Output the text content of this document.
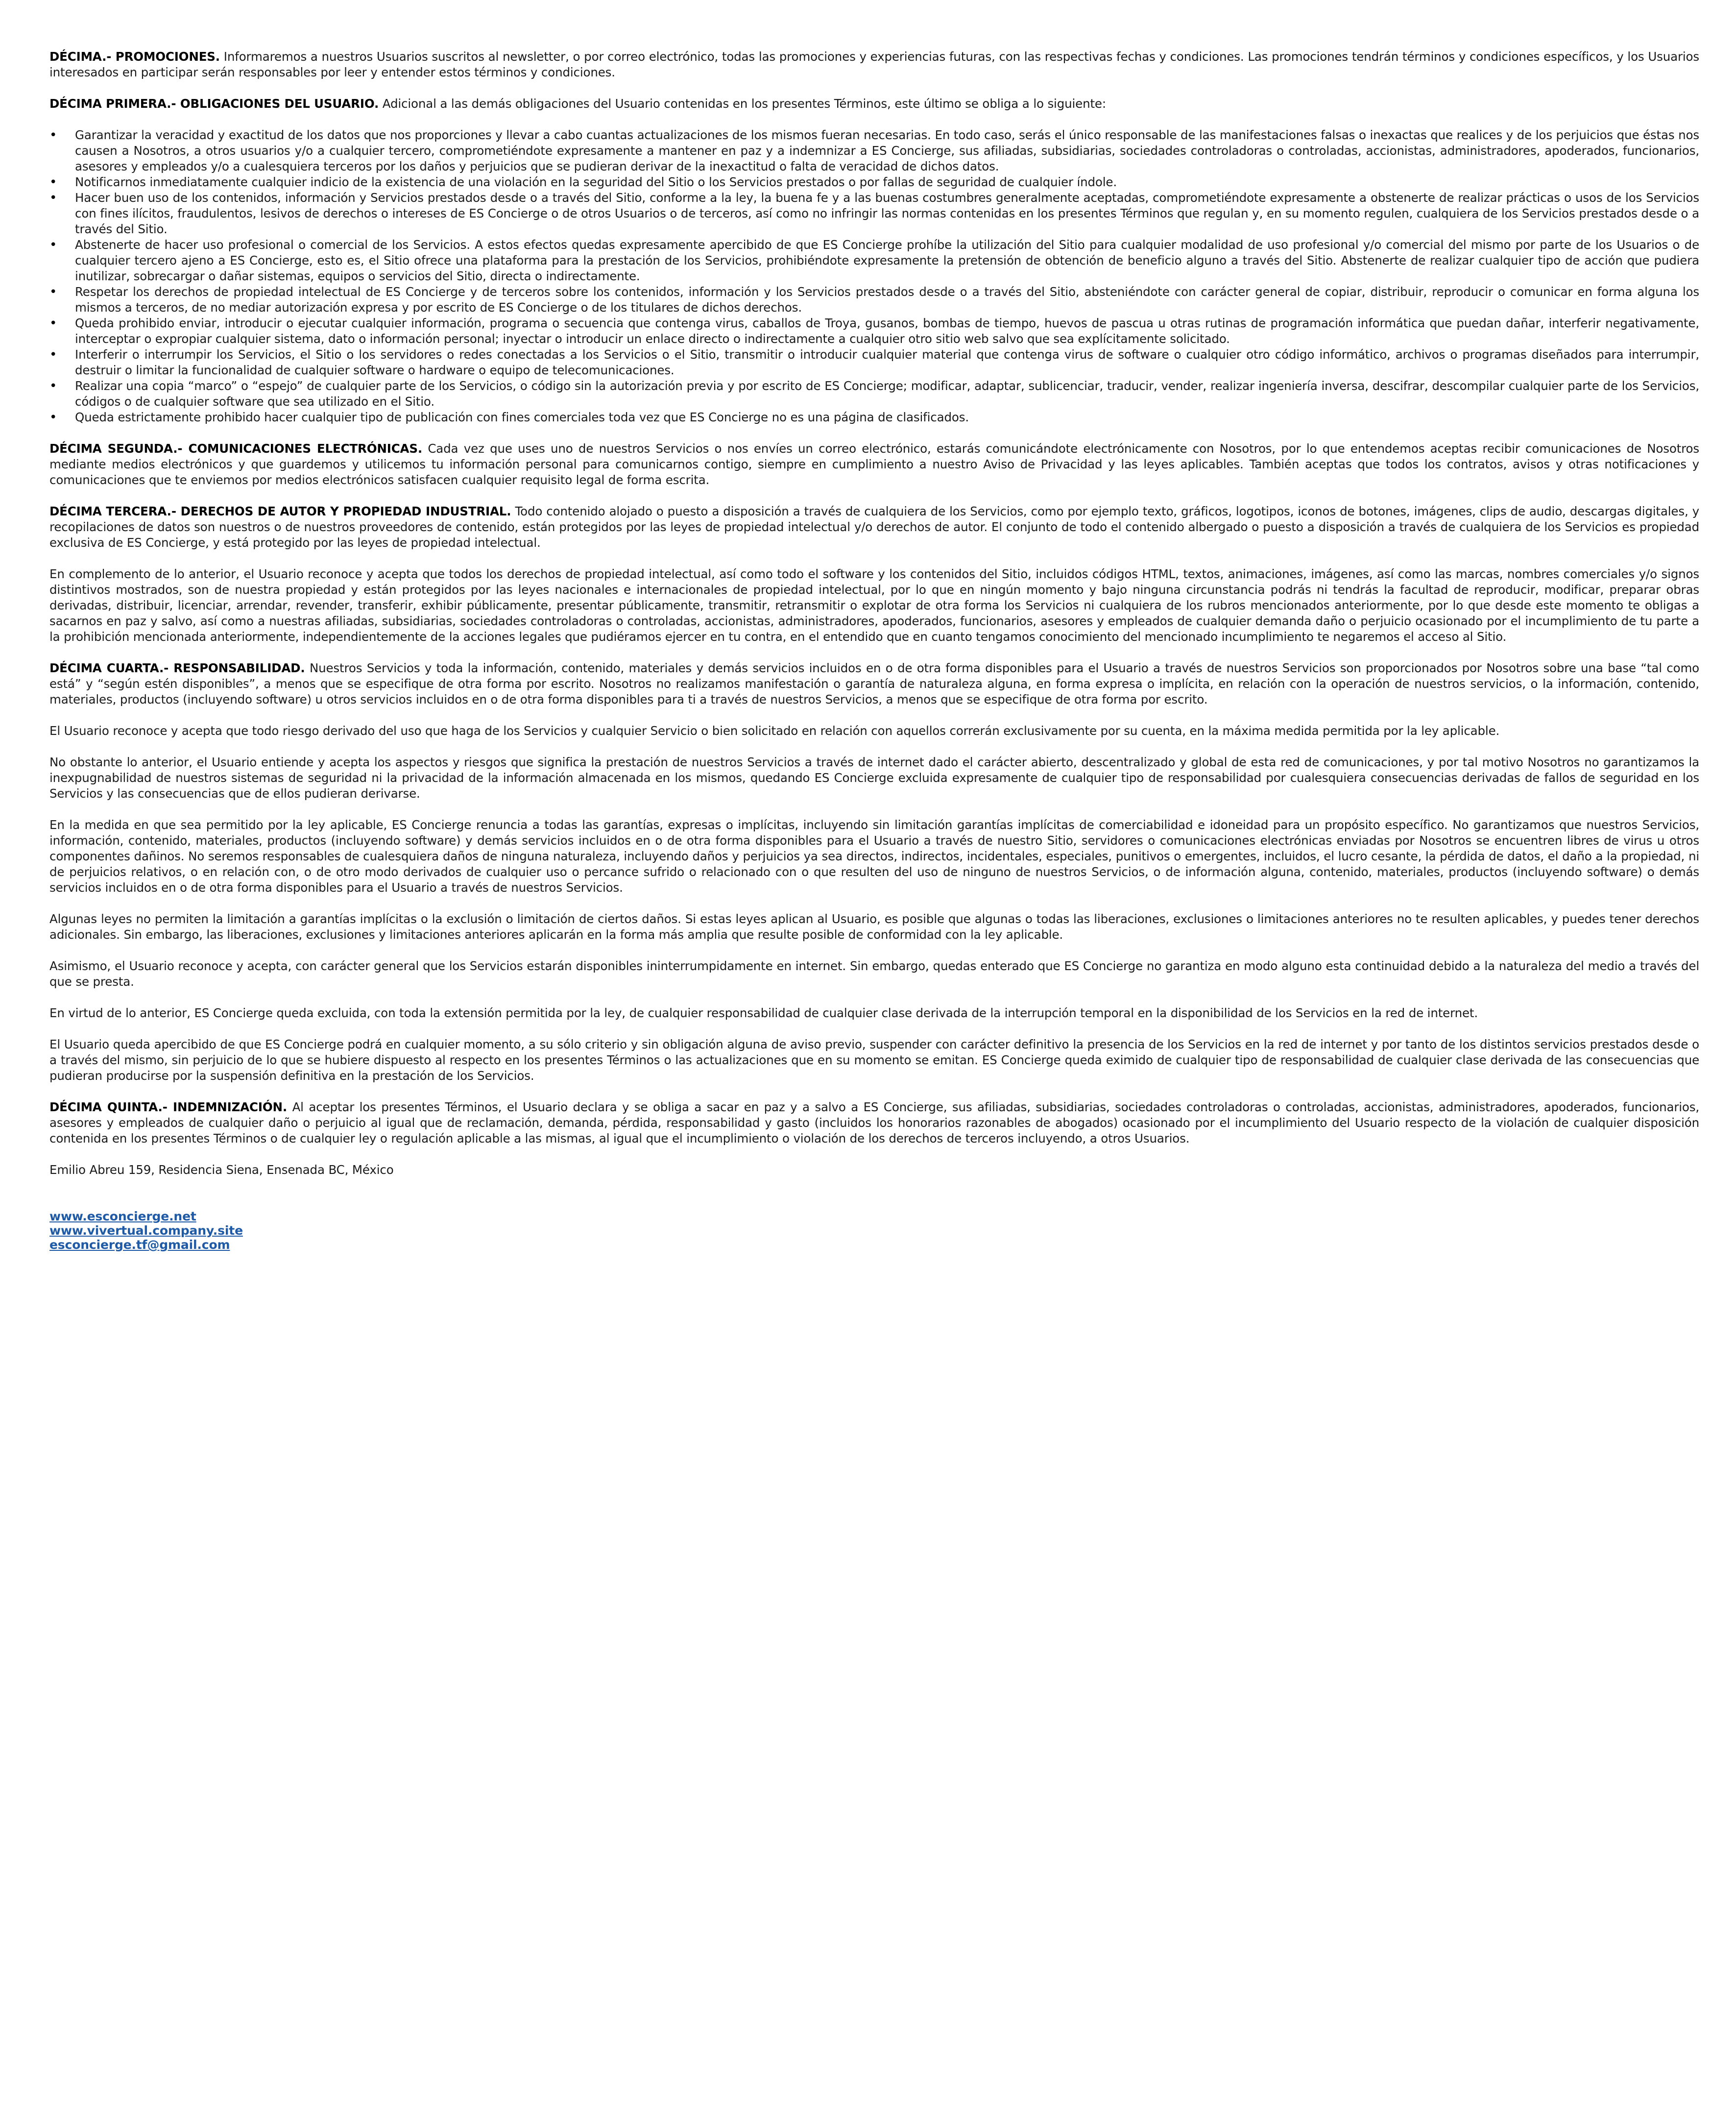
DÉCIMA.- PROMOCIONES. Informaremos a nuestros Usuarios suscritos al newsletter, o por correo electrónico, todas las promociones y experiencias futuras, con las respectivas fechas y condiciones. Las promociones tendrán términos y condiciones específicos, y los Usuarios interesados en participar serán responsables por leer y entender estos términos y condiciones.

DÉCIMA PRIMERA.- OBLIGACIONES DEL USUARIO. Adicional a las demás obligaciones del Usuario contenidas en los presentes Términos, este último se obliga a lo siguiente:

• Garantizar la veracidad y exactitud de los datos que nos proporciones y llevar a cabo cuantas actualizaciones de los mismos fueran necesarias. En todo caso, serás el único responsable de las manifestaciones falsas o inexactas que realices y de los perjuicios que éstas nos causen a Nosotros, a otros usuarios y/o a cualquier tercero, comprometiéndote expresamente a mantener en paz y a indemnizar a ES Concierge, sus afiliadas, subsidiarias, sociedades controladoras o controladas, accionistas, administradores, apoderados, funcionarios, asesores y empleados y/o a cualesquiera terceros por los daños y perjuicios que se pudieran derivar de la inexactitud o falta de veracidad de dichos datos.
• Notificarnos inmediatamente cualquier indicio de la existencia de una violación en la seguridad del Sitio o los Servicios prestados o por fallas de seguridad de cualquier índole.
• Hacer buen uso de los contenidos, información y Servicios prestados desde o a través del Sitio, conforme a la ley, la buena fe y a las buenas costumbres generalmente aceptadas, comprometiéndote expresamente a obstenerte de realizar prácticas o usos de los Servicios con fines ilícitos, fraudulentos, lesivos de derechos o intereses de ES Concierge o de otros Usuarios o de terceros, así como no infringir las normas contenidas en los presentes Términos que regulan y, en su momento regulen, cualquiera de los Servicios prestados desde o a través del Sitio.
• Abstenerte de hacer uso profesional o comercial de los Servicios. A estos efectos quedas expresamente apercibido de que ES Concierge prohíbe la utilización del Sitio para cualquier modalidad de uso profesional y/o comercial del mismo por parte de los Usuarios o de cualquier tercero ajeno a ES Concierge, esto es, el Sitio ofrece una plataforma para la prestación de los Servicios, prohibiéndote expresamente la pretensión de obtención de beneficio alguno a través del Sitio. Abstenerte de realizar cualquier tipo de acción que pudiera inutilizar, sobrecargar o dañar sistemas, equipos o servicios del Sitio, directa o indirectamente.
• Respetar los derechos de propiedad intelectual de ES Concierge y de terceros sobre los contenidos, información y los Servicios prestados desde o a través del Sitio, absteniéndote con carácter general de copiar, distribuir, reproducir o comunicar en forma alguna los mismos a terceros, de no mediar autorización expresa y por escrito de ES Concierge o de los titulares de dichos derechos.
• Queda prohibido enviar, introducir o ejecutar cualquier información, programa o secuencia que contenga virus, caballos de Troya, gusanos, bombas de tiempo, huevos de pascua u otras rutinas de programación informática que puedan dañar, interferir negativamente, interceptar o expropiar cualquier sistema, dato o información personal; inyectar o introducir un enlace directo o indirectamente a cualquier otro sitio web salvo que sea explícitamente solicitado.
• Interferir o interrumpir los Servicios, el Sitio o los servidores o redes conectadas a los Servicios o el Sitio, transmitir o introducir cualquier material que contenga virus de software o cualquier otro código informático, archivos o programas diseñados para interrumpir, destruir o limitar la funcionalidad de cualquier software o hardware o equipo de telecomunicaciones.
• Realizar una copia “marco” o “espejo” de cualquier parte de los Servicios, o código sin la autorización previa y por escrito de ES Concierge; modificar, adaptar, sublicenciar, traducir, vender, realizar ingeniería inversa, descifrar, descompilar cualquier parte de los Servicios, códigos o de cualquier software que sea utilizado en el Sitio.
• Queda estrictamente prohibido hacer cualquier tipo de publicación con fines comerciales toda vez que ES Concierge no es una página de clasificados.

DÉCIMA SEGUNDA.- COMUNICACIONES ELECTRÓNICAS. Cada vez que uses uno de nuestros Servicios o nos envíes un correo electrónico, estarás comunicándote electrónicamente con Nosotros, por lo que entendemos aceptas recibir comunicaciones de Nosotros mediante medios electrónicos y que guardemos y utilicemos tu información personal para comunicarnos contigo, siempre en cumplimiento a nuestro Aviso de Privacidad y las leyes aplicables. También aceptas que todos los contratos, avisos y otras notificaciones y comunicaciones que te enviemos por medios electrónicos satisfacen cualquier requisito legal de forma escrita.

DÉCIMA TERCERA.- DERECHOS DE AUTOR Y PROPIEDAD INDUSTRIAL. Todo contenido alojado o puesto a disposición a través de cualquiera de los Servicios, como por ejemplo texto, gráficos, logotipos, iconos de botones, imágenes, clips de audio, descargas digitales, y recopilaciones de datos son nuestros o de nuestros proveedores de contenido, están protegidos por las leyes de propiedad intelectual y/o derechos de autor. El conjunto de todo el contenido albergado o puesto a disposición a través de cualquiera de los Servicios es propiedad exclusiva de ES Concierge, y está protegido por las leyes de propiedad intelectual.

En complemento de lo anterior, el Usuario reconoce y acepta que todos los derechos de propiedad intelectual, así como todo el software y los contenidos del Sitio, incluidos códigos HTML, textos, animaciones, imágenes, así como las marcas, nombres comerciales y/o signos distintivos mostrados, son de nuestra propiedad y están protegidos por las leyes nacionales e internacionales de propiedad intelectual, por lo que en ningún momento y bajo ninguna circunstancia podrás ni tendrás la facultad de reproducir, modificar, preparar obras derivadas, distribuir, licenciar, arrendar, revender, transferir, exhibir públicamente, presentar públicamente, transmitir, retransmitir o explotar de otra forma los Servicios ni cualquiera de los rubros mencionados anteriormente, por lo que desde este momento te obligas a sacarnos en paz y salvo, así como a nuestras afiliadas, subsidiarias, sociedades controladoras o controladas, accionistas, administradores, apoderados, funcionarios, asesores y empleados de cualquier demanda daño o perjuicio ocasionado por el incumplimiento de tu parte a la prohibición mencionada anteriormente, independientemente de la acciones legales que pudiéramos ejercer en tu contra, en el entendido que en cuanto tengamos conocimiento del mencionado incumplimiento te negaremos el acceso al Sitio.

DÉCIMA CUARTA.- RESPONSABILIDAD. Nuestros Servicios y toda la información, contenido, materiales y demás servicios incluidos en o de otra forma disponibles para el Usuario a través de nuestros Servicios son proporcionados por Nosotros sobre una base “tal como está” y “según estén disponibles”, a menos que se especifique de otra forma por escrito. Nosotros no realizamos manifestación o garantía de naturaleza alguna, en forma expresa o implícita, en relación con la operación de nuestros servicios, o la información, contenido, materiales, productos (incluyendo software) u otros servicios incluidos en o de otra forma disponibles para ti a través de nuestros Servicios, a menos que se especifique de otra forma por escrito.

El Usuario reconoce y acepta que todo riesgo derivado del uso que haga de los Servicios y cualquier Servicio o bien solicitado en relación con aquellos correrán exclusivamente por su cuenta, en la máxima medida permitida por la ley aplicable.

No obstante lo anterior, el Usuario entiende y acepta los aspectos y riesgos que significa la prestación de nuestros Servicios a través de internet dado el carácter abierto, descentralizado y global de esta red de comunicaciones, y por tal motivo Nosotros no garantizamos la inexpugnabilidad de nuestros sistemas de seguridad ni la privacidad de la información almacenada en los mismos, quedando ES Concierge excluida expresamente de cualquier tipo de responsabilidad por cualesquiera consecuencias derivadas de fallos de seguridad en los Servicios y las consecuencias que de ellos pudieran derivarse.

En la medida en que sea permitido por la ley aplicable, ES Concierge renuncia a todas las garantías, expresas o implícitas, incluyendo sin limitación garantías implícitas de comerciabilidad e idoneidad para un propósito específico. No garantizamos que nuestros Servicios, información, contenido, materiales, productos (incluyendo software) y demás servicios incluidos en o de otra forma disponibles para el Usuario a través de nuestro Sitio, servidores o comunicaciones electrónicas enviadas por Nosotros se encuentren libres de virus u otros componentes dañinos. No seremos responsables de cualesquiera daños de ninguna naturaleza, incluyendo daños y perjuicios ya sea directos, indirectos, incidentales, especiales, punitivos o emergentes, incluidos, el lucro cesante, la pérdida de datos, el daño a la propiedad, ni de perjuicios relativos, o en relación con, o de otro modo derivados de cualquier uso o percance sufrido o relacionado con o que resulten del uso de ninguno de nuestros Servicios, o de información alguna, contenido, materiales, productos (incluyendo software) o demás servicios incluidos en o de otra forma disponibles para el Usuario a través de nuestros Servicios.

Algunas leyes no permiten la limitación a garantías implícitas o la exclusión o limitación de ciertos daños. Si estas leyes aplican al Usuario, es posible que algunas o todas las liberaciones, exclusiones o limitaciones anteriores no te resulten aplicables, y puedes tener derechos adicionales. Sin embargo, las liberaciones, exclusiones y limitaciones anteriores aplicarán en la forma más amplia que resulte posible de conformidad con la ley aplicable.

Asimismo, el Usuario reconoce y acepta, con carácter general que los Servicios estarán disponibles ininterrumpidamente en internet. Sin embargo, quedas enterado que ES Concierge no garantiza en modo alguno esta continuidad debido a la naturaleza del medio a través del que se presta.

En virtud de lo anterior, ES Concierge queda excluida, con toda la extensión permitida por la ley, de cualquier responsabilidad de cualquier clase derivada de la interrupción temporal en la disponibilidad de los Servicios en la red de internet.

El Usuario queda apercibido de que ES Concierge podrá en cualquier momento, a su sólo criterio y sin obligación alguna de aviso previo, suspender con carácter definitivo la presencia de los Servicios en la red de internet y por tanto de los distintos servicios prestados desde o a través del mismo, sin perjuicio de lo que se hubiere dispuesto al respecto en los presentes Términos o las actualizaciones que en su momento se emitan. ES Concierge queda eximido de cualquier tipo de responsabilidad de cualquier clase derivada de las consecuencias que pudieran producirse por la suspensión definitiva en la prestación de los Servicios.

DÉCIMA QUINTA.- INDEMNIZACIÓN. Al aceptar los presentes Términos, el Usuario declara y se obliga a sacar en paz y a salvo a ES Concierge, sus afiliadas, subsidiarias, sociedades controladoras o controladas, accionistas, administradores, apoderados, funcionarios, asesores y empleados de cualquier daño o perjuicio al igual que de reclamación, demanda, pérdida, responsabilidad y gasto (incluidos los honorarios razonables de abogados) ocasionado por el incumplimiento del Usuario respecto de la violación de cualquier disposición contenida en los presentes Términos o de cualquier ley o regulación aplicable a las mismas, al igual que el incumplimiento o violación de los derechos de terceros incluyendo, a otros Usuarios.

Emilio Abreu 159, Residencia Siena, Ensenada BC, México

www.esconcierge.net
www.vivertual.company.site
esconcierge.tf@gmail.com
